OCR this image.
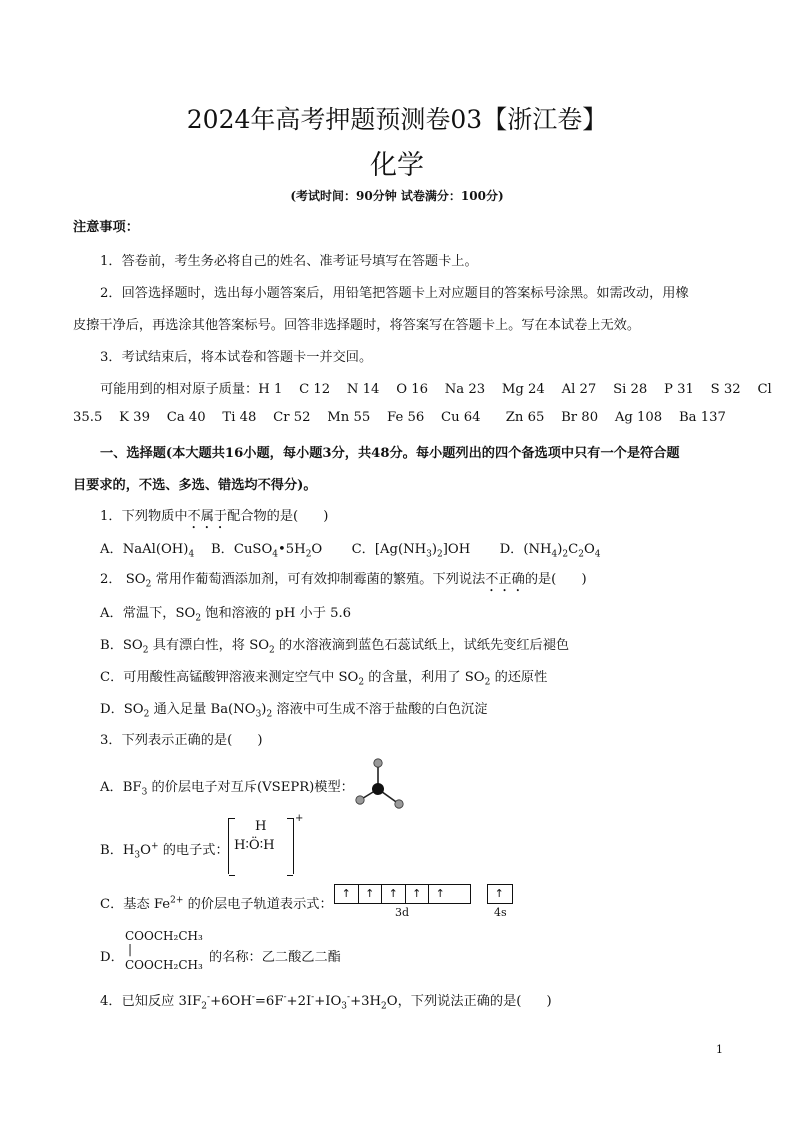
2024年高考押题预测卷03【浙江卷】
化学
(考试时间：90分钟 试卷满分：100分)
注意事项：
1．答卷前，考生务必将自己的姓名、准考证号填写在答题卡上。
2．回答选择题时，选出每小题答案后，用铅笔把答题卡上对应题目的答案标号涂黑。如需改动，用橡
皮擦干净后，再选涂其他答案标号。回答非选择题时，将答案写在答题卡上。写在本试卷上无效。
3．考试结束后，将本试卷和答题卡一并交回。
可能用到的相对原子质量：H 1    C 12    N 14    O 16    Na 23    Mg 24    Al 27    Si 28    P 31    S 32    Cl
35.5    K 39    Ca 40    Ti 48    Cr 52    Mn 55    Fe 56    Cu 64      Zn 65    Br 80    Ag 108    Ba 137
一、选择题(本大题共16小题，每小题3分，共48分。每小题列出的四个备选项中只有一个是符合题
目要求的，不选、多选、错选均不得分)。
1．下列物质中不属于配合物的是(      )
A．$NaAl(OH)_4$    B．$CuSO_4•5H_2O$       C．$[Ag(NH_3)_2]OH$       D．$(NH_4)_2C_2O_4$
2． $SO_2$ 常用作葡萄酒添加剂，可有效抑制霉菌的繁殖。下列说法不正确的是(      )
A．常温下，$SO_2$ 饱和溶液的 pH 小于 5.6
B．$SO_2$ 具有漂白性，将 $SO_2$ 的水溶液滴到蓝色石蕊试纸上，试纸先变红后褪色
C．可用酸性高锰酸钾溶液来测定空气中 $SO_2$ 的含量，利用了 $SO_2$ 的还原性
D．$SO_2$ 通入足量 $Ba(NO_3)_2$ 溶液中可生成不溶于盐酸的白色沉淀
3．下列表示正确的是(      )
A．$BF_3$ 的价层电子对互斥(VSEPR)模型：
B．$H_3O^+$ 的电子式：
H
H∶Ö∶H
+
C．基态 $Fe^{2+}$ 的价层电子轨道表示式：
↑	↑	↑	↑	↑	↑
3d	4s
D．
COOCH₂CH₃
|
COOCH₂CH₃ 的名称：乙二酸乙二酯
4．已知反应 $3IF_2^-+6OH^-=6F^-+2I^-+IO_3^-+3H_2O$，下列说法正确的是(      )
1
